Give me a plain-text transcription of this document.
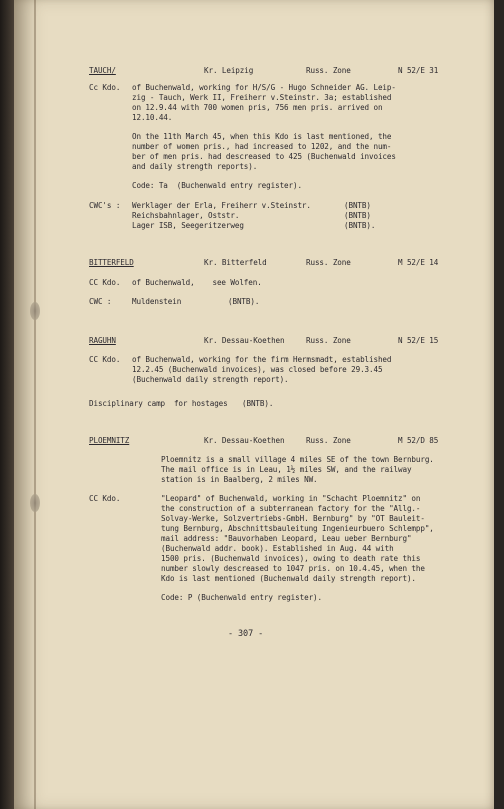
TAUCH/	Kr. Leipzig	Russ. Zone	N 52/E 31
Cc Kdo. of Buchenwald, working for H/S/G - Hugo Schneider AG. Leip-
zig - Tauch, Werk II, Freiherr v.Steinstr. 3a; established
on 12.9.44 with 700 women pris, 756 men pris. arrived on
12.10.44.
On the 11th March 45, when this Kdo is last mentioned, the
number of women pris., had increased to 1202, and the num-
ber of men pris. had descreased to 425 (Buchenwald invoices
and daily strength reports).
Code: Ta  (Buchenwald entry register).
CWC's : Werklager der Erla, Freiherr v.Steinstr.	(BNTB)
Reichsbahnlager, Oststr.	(BNTB)
Lager ISB, Seegeritzerweg	(BNTB).
BITTERFELD	Kr. Bitterfeld	Russ. Zone	M 52/E 14
CC Kdo. of Buchenwald,    see Wolfen.
CWC :	Muldenstein	(BNTB).
RAGUHN	Kr. Dessau-Koethen	Russ. Zone	N 52/E 15
CC Kdo. of Buchenwald, working for the firm Hermsmadt, established
12.2.45 (Buchenwald invoices), was closed before 29.3.45
(Buchenwald daily strength report).
Disciplinary camp  for hostages (BNTB).
PLOEMNITZ	Kr. Dessau-Koethen	Russ. Zone	M 52/D 85
Ploemnitz is a small village 4 miles SE of the town Bernburg.
The mail office is in Leau, 1½ miles SW, and the railway
station is in Baalberg, 2 miles NW.
CC Kdo.	"Leopard" of Buchenwald, working in "Schacht Ploemnitz" on
the construction of a subterranean factory for the "Allg.-
Solvay-Werke, Solzvertriebs-GmbH. Bernburg" by "OT Bauleit-
tung Bernburg, Abschnittsbauleitung Ingenieurbuero Schlempp",
mail address: "Bauvorhaben Leopard, Leau ueber Bernburg"
(Buchenwald addr. book). Established in Aug. 44 with
1500 pris. (Buchenwald invoices), owing to death rate this
number slowly descreased to 1047 pris. on 10.4.45, when the
Kdo is last mentioned (Buchenwald daily strength report).
Code: P (Buchenwald entry register).
- 307 -
